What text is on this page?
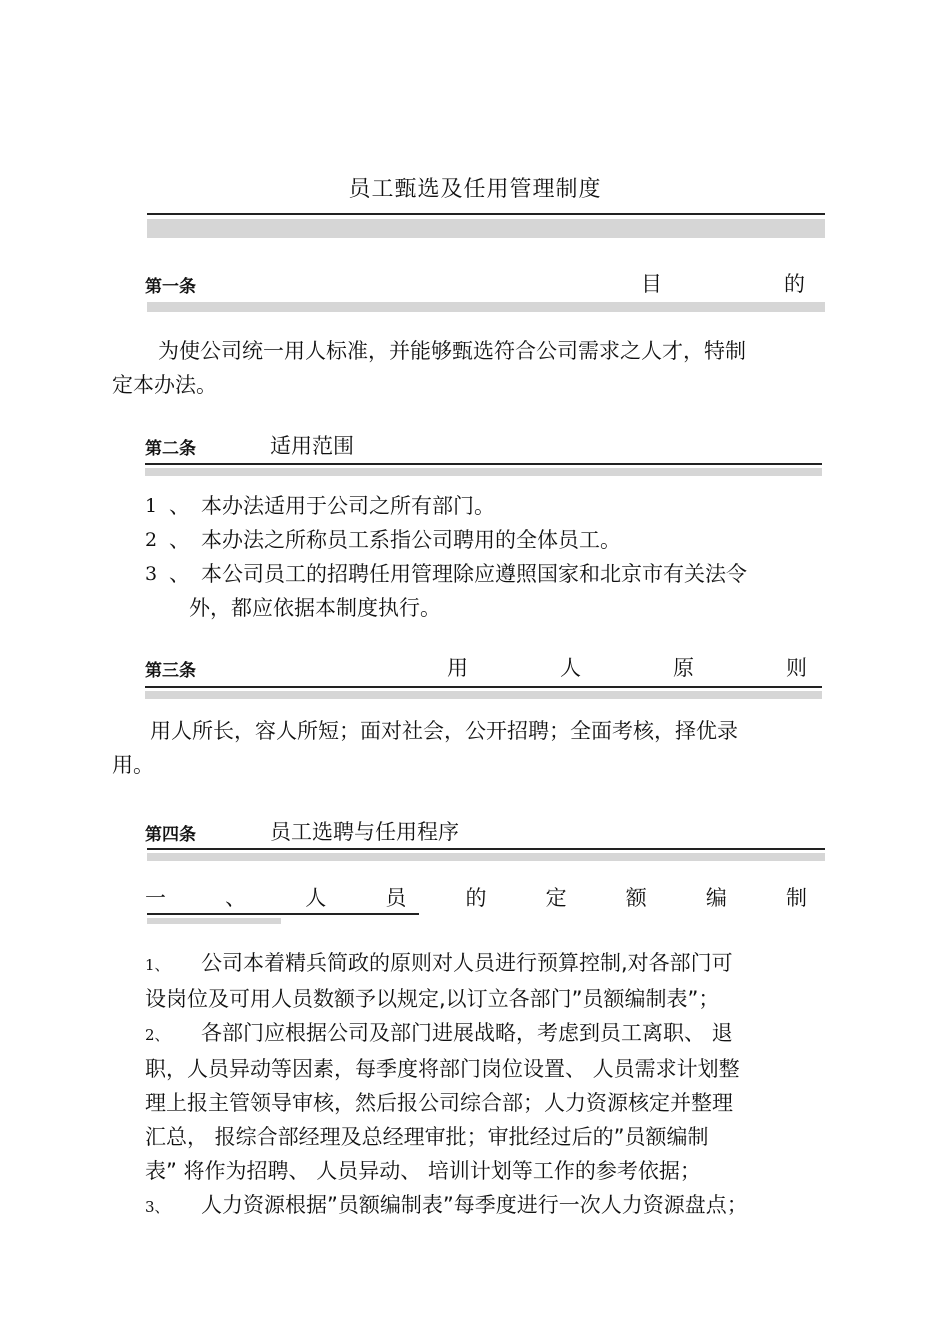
员工甄选及任用管理制度
第一条	目	的

为使公司统一用人标准，并能够甄选符合公司需求之人才，特制

定本办法。

第二条	适用范围
1 、 本办法适用于公司之所有部门。
2 、 本办法之所称员工系指公司聘用的全体员工。
3 、 本公司员工的招聘任用管理除应遵照国家和北京市有关法令

外，都应依据本制度执行。

第三条	用	人	原	则

用人所长，容人所短；面对社会，公开招聘；全面考核，择优录

用。

第四条	员工选聘与任用程序
一	、	人	员	的	定	额	编	制

1、 公司本着精兵简政的原则对人员进行预算控制,对各部门可

设岗位及可用人员数额予以规定,以订立各部门”员额编制表”；

2、 各部门应根据公司及部门进展战略，考虑到员工离职、 退

职，人员异动等因素，每季度将部门岗位设置、 人员需求计划整

理上报主管领导审核，然后报公司综合部；人力资源核定并整理

汇总， 报综合部经理及总经理审批；审批经过后的”员额编制

表” 将作为招聘、 人员异动、 培训计划等工作的参考依据；

3、 人力资源根据”员额编制表”每季度进行一次人力资源盘点；
